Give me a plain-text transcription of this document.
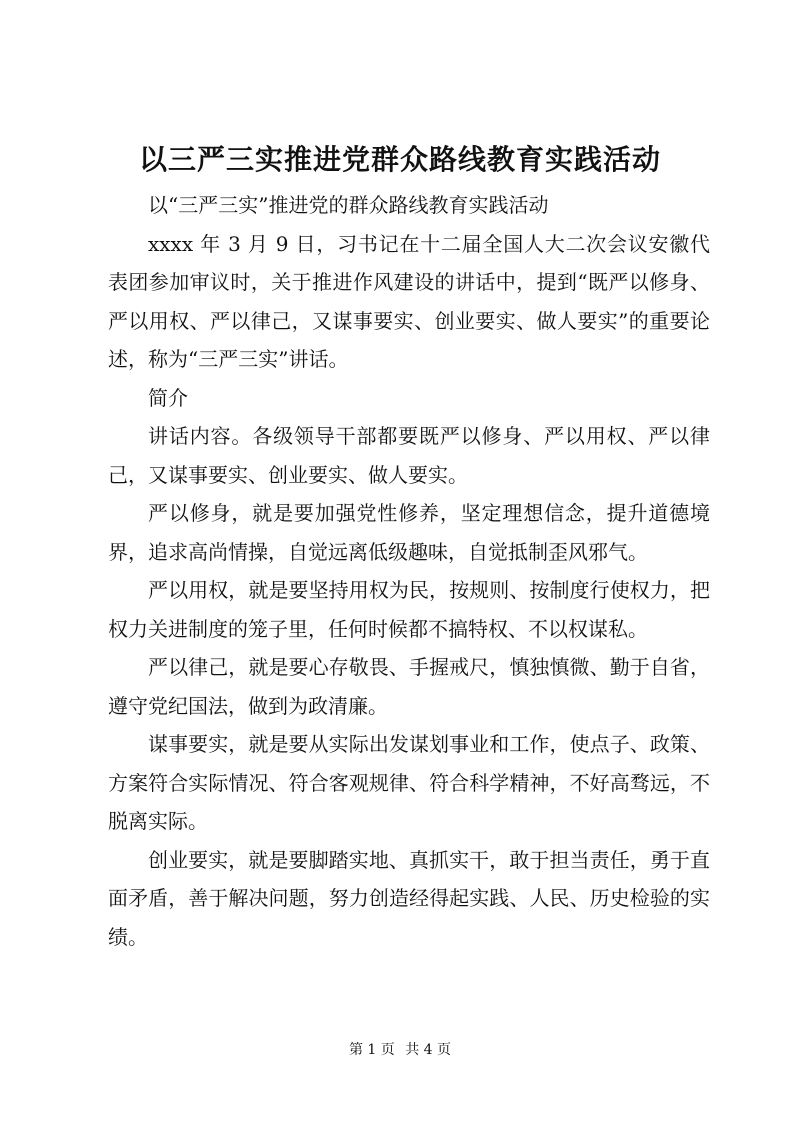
以三严三实推进党群众路线教育实践活动

以“三严三实”推进党的群众路线教育实践活动

xxxx 年 3 月 9 日，习书记在十二届全国人大二次会议安徽代表团参加审议时，关于推进作风建设的讲话中，提到“既严以修身、严以用权、严以律己，又谋事要实、创业要实、做人要实”的重要论述，称为“三严三实”讲话。

简介

讲话内容。各级领导干部都要既严以修身、严以用权、严以律己，又谋事要实、创业要实、做人要实。

严以修身，就是要加强党性修养，坚定理想信念，提升道德境界，追求高尚情操，自觉远离低级趣味，自觉抵制歪风邪气。

严以用权，就是要坚持用权为民，按规则、按制度行使权力，把权力关进制度的笼子里，任何时候都不搞特权、不以权谋私。

严以律己，就是要心存敬畏、手握戒尺，慎独慎微、勤于自省，遵守党纪国法，做到为政清廉。

谋事要实，就是要从实际出发谋划事业和工作，使点子、政策、方案符合实际情况、符合客观规律、符合科学精神，不好高骛远，不脱离实际。

创业要实，就是要脚踏实地、真抓实干，敢于担当责任，勇于直面矛盾，善于解决问题，努力创造经得起实践、人民、历史检验的实绩。

第 1 页 共 4 页
